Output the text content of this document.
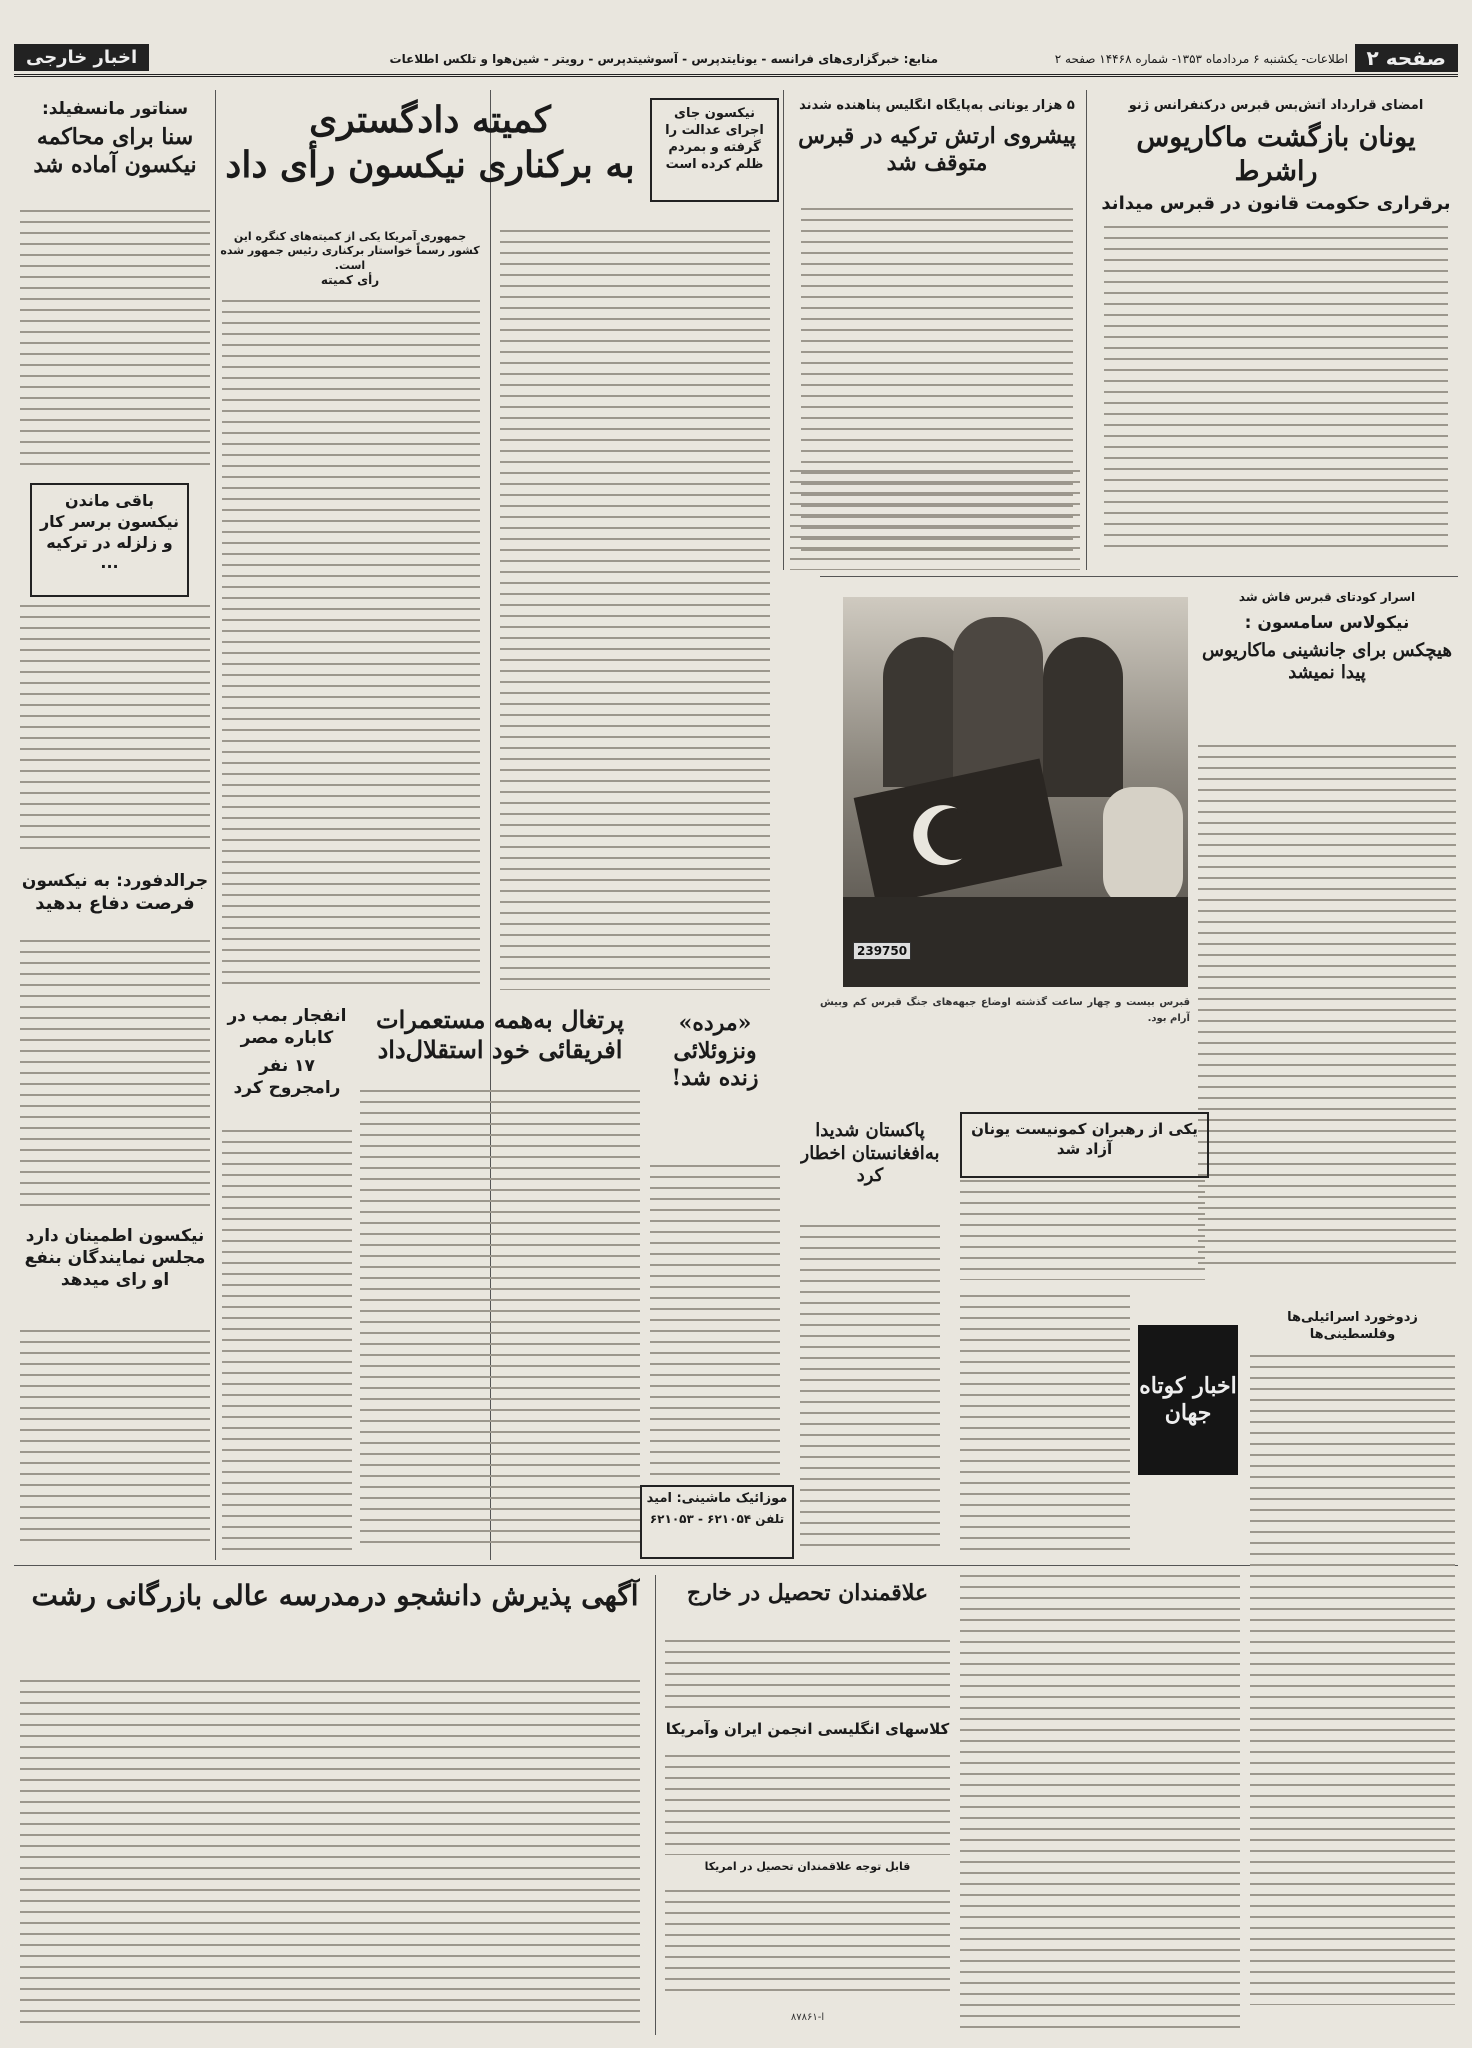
صفحه ۲
اطلاعات- یکشنبه ۶ مردادماه ۱۳۵۳- شماره ۱۴۴۶۸ صفحه ۲
منابع: خبرگزاری‌های فرانسه - یونایتدپرس - آسوشیتدپرس - رویتر - شین‌هوا و تلکس اطلاعات
اخبار خارجی
امضای قرارداد آتش‌بس قبرس درکنفرانس ژنو
یونان بازگشت ماکاریوس راشرط
برقراری حکومت قانون در قبرس میداند
۵ هزار یونانی به‌پایگاه انگلیس پناهنده شدند
پیشروی ارتش ترکیه در قبرس متوقف شد
نیکسون جای اجرای عدالت را گرفته و بمردم ظلم کرده است
کمیته دادگستری
به برکناری نیکسون رأی داد
جمهوری آمریکا یکی از کمیته‌های کنگره این کشور رسماً خواستار برکناری رئیس جمهور شده است.
رأی کمیته
سناتور مانسفیلد:
سنا برای محاکمه نیکسون آماده شد
باقی ماندن نیکسون برسر کار و زلزله در ترکیه ...
جرالدفورد: به نیکسون
فرصت دفاع بدهید
نیکسون اطمینان دارد مجلس نمایندگان بنفع او رای میدهد
239750
اسرار کودتای قبرس فاش شد
نیکولاس سامسون :
هیچکس برای جانشینی ماکاریوس پیدا نمیشد
قبرس بیست و چهار ساعت گذشته اوضاع جبهه‌های جنگ قبرس کم وبیش آرام بود.
پرتغال به‌همه مستعمرات افریقائی خود استقلال‌داد
انفجار بمب در کاباره مصر
۱۷ نفر رامجروح کرد
«مرده» ونزوئلائی زنده شد!
موزائیک ماشینی: امید
تلفن ۶۲۱۰۵۴ - ۶۲۱۰۵۳
پاکستان شدیدا به‌افغانستان اخطار کرد
یکی از رهبران کمونیست یونان آزاد شد
اخبار کوتاه جهان
زدوخورد اسرائیلی‌ها وفلسطینی‌ها
آگهی پذیرش دانشجو درمدرسه عالی بازرگانی رشت	علاقمندان تحصیل در خارج
کلاسهای انگلیسی انجمن ایران وآمریکا
قابل توجه علاقمندان تحصیل در امریکا
ا-۸۷۸۶۱
